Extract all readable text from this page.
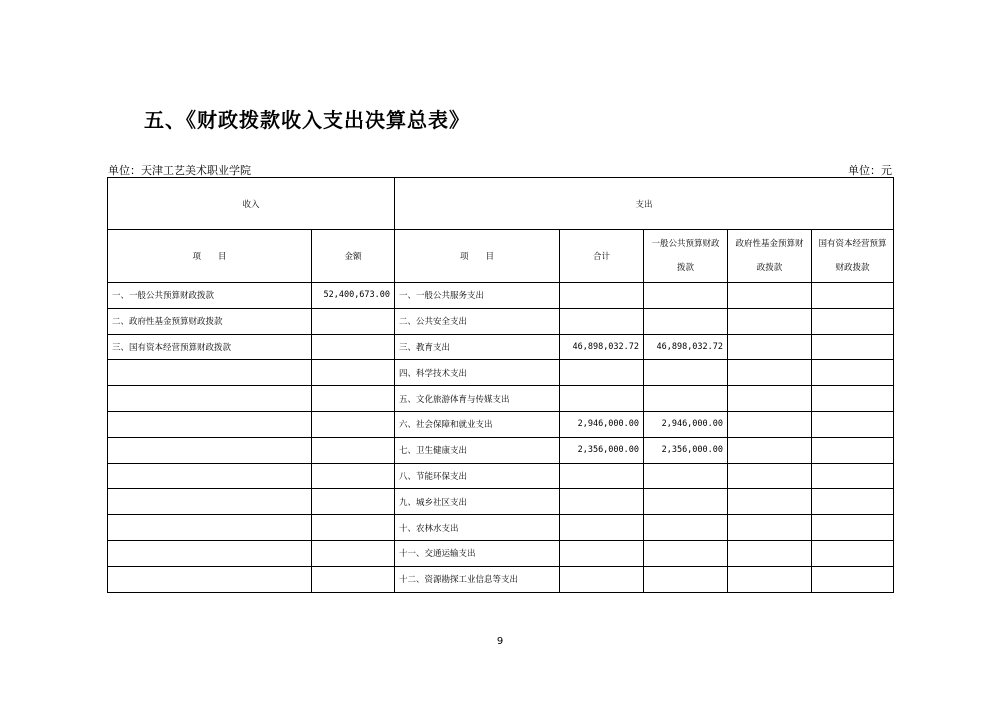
五、《财政拨款收入支出决算总表》
单位：天津工艺美术职业学院	单位：元
收入		支出				
项　　目	金额	项　　目	合计	一般公共预算财政拨款	政府性基金预算财政拨款	国有资本经营预算财政拨款
一、一般公共预算财政拨款	52,400,673.00	一、一般公共服务支出				
二、政府性基金预算财政拨款		二、公共安全支出				
三、国有资本经营预算财政拨款		三、教育支出	46,898,032.72	46,898,032.72		
		四、科学技术支出				
		五、文化旅游体育与传媒支出				
		六、社会保障和就业支出	2,946,000.00	2,946,000.00		
		七、卫生健康支出	2,356,000.00	2,356,000.00		
		八、节能环保支出				
		九、城乡社区支出				
		十、农林水支出				
		十一、交通运输支出				
		十二、资源勘探工业信息等支出				
9
